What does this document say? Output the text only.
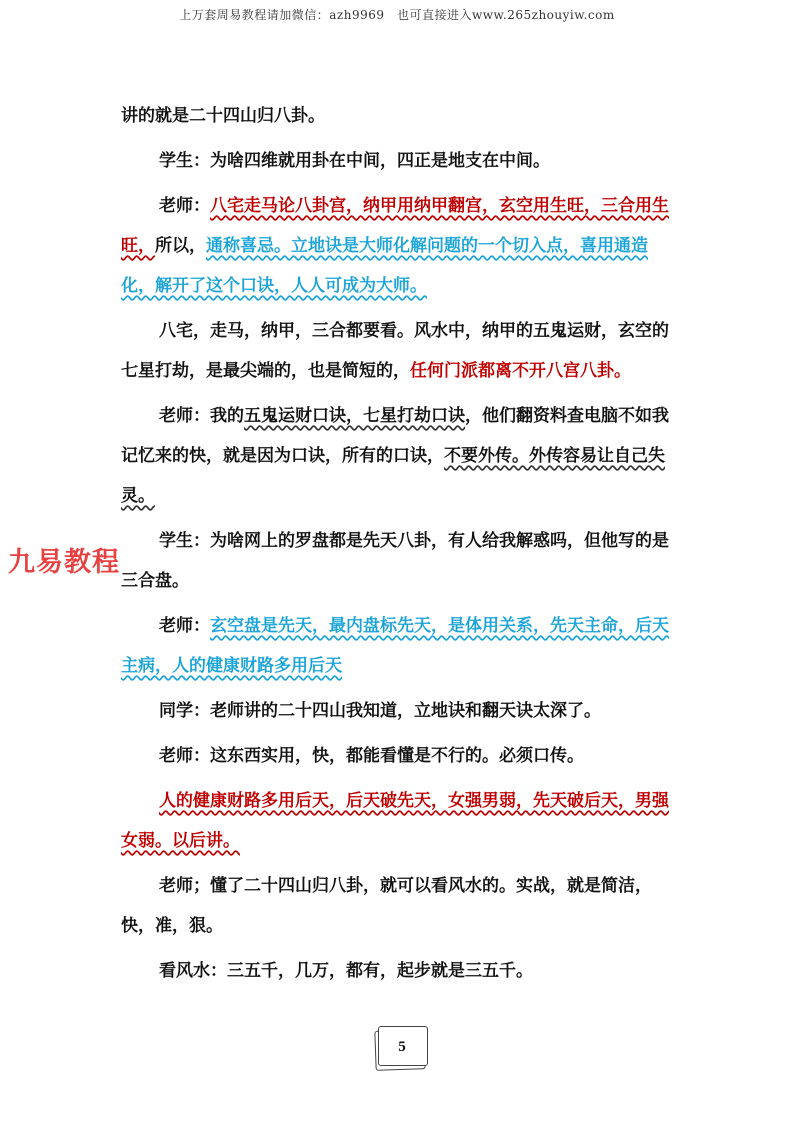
上万套周易教程请加微信：azh9969　也可直接进入www.265zhouyiw.com

讲的就是二十四山归八卦。

学生：为啥四维就用卦在中间，四正是地支在中间。

老师：八宅走马论八卦宫，纳甲用纳甲翻宫，玄空用生旺，三合用生旺，所以，通称喜忌。立地诀是大师化解问题的一个切入点，喜用通造化，解开了这个口诀，人人可成为大师。

八宅，走马，纳甲，三合都要看。风水中，纳甲的五鬼运财，玄空的七星打劫，是最尖端的，也是简短的，任何门派都离不开八宫八卦。

老师：我的五鬼运财口诀，七星打劫口诀，他们翻资料查电脑不如我记忆来的快，就是因为口诀，所有的口诀，不要外传。外传容易让自己失灵。

学生：为啥网上的罗盘都是先天八卦，有人给我解惑吗，但他写的是三合盘。

老师：玄空盘是先天，最内盘标先天，是体用关系，先天主命，后天主病，人的健康财路多用后天

同学：老师讲的二十四山我知道，立地诀和翻天诀太深了。

老师：这东西实用，快，都能看懂是不行的。必须口传。

人的健康财路多用后天，后天破先天，女强男弱，先天破后天，男强女弱。以后讲。

老师；懂了二十四山归八卦，就可以看风水的。实战，就是简洁，快，准，狠。

看风水：三五千，几万，都有，起步就是三五千。

九易教程
5
